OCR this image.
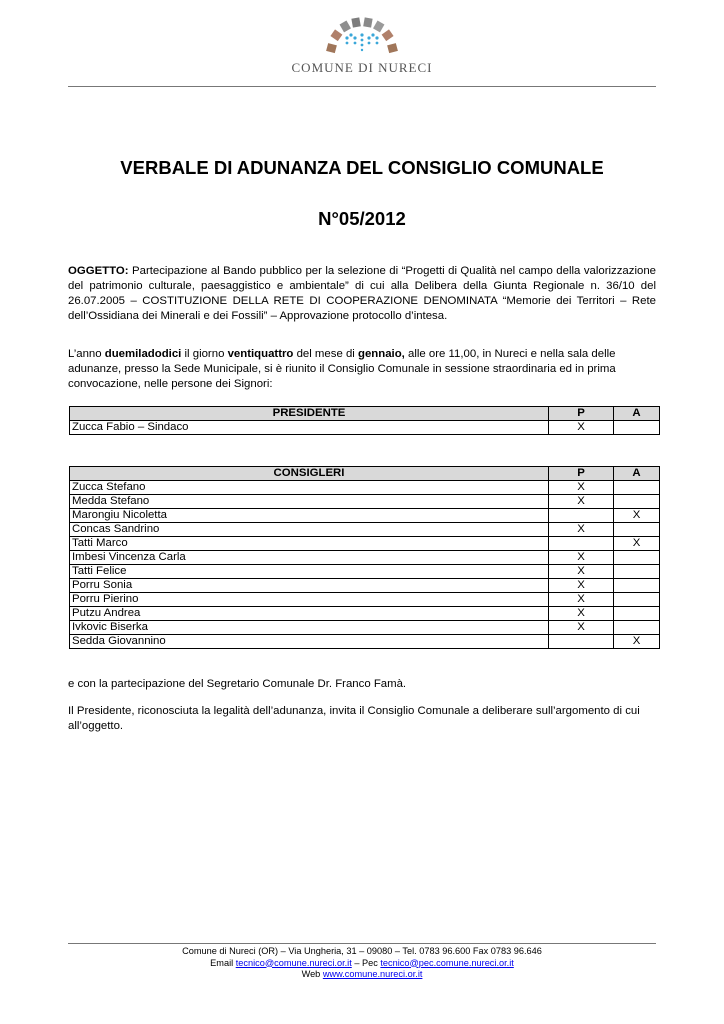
COMUNE DI NURECI
VERBALE DI ADUNANZA DEL CONSIGLIO COMUNALE
N°05/2012
OGGETTO: Partecipazione al Bando pubblico per la selezione di “Progetti di Qualità nel campo della valorizzazione del patrimonio culturale, paesaggistico e ambientale” di cui alla Delibera della Giunta Regionale n. 36/10 del 26.07.2005 – COSTITUZIONE DELLA RETE DI COOPERAZIONE DENOMINATA “Memorie dei Territori – Rete dell’Ossidiana dei Minerali e dei Fossili” – Approvazione protocollo d’intesa.
L’anno duemiladodici il giorno ventiquattro del mese di gennaio, alle ore 11,00, in Nureci e nella sala delle adunanze, presso la Sede Municipale, si è riunito il Consiglio Comunale in sessione straordinaria ed in prima convocazione, nelle persone dei Signori:
PRESIDENTE	P	A
Zucca Fabio – Sindaco	X	
CONSIGLERI	P	A
Zucca Stefano	X	
Medda Stefano	X	
Marongiu Nicoletta		X
Concas Sandrino	X	
Tatti Marco		X
Imbesi Vincenza Carla	X	
Tatti Felice	X	
Porru Sonia	X	
Porru Pierino	X	
Putzu Andrea	X	
Ivkovic Biserka	X	
Sedda Giovannino		X
e con la partecipazione del Segretario Comunale Dr. Franco Famà.
Il Presidente, riconosciuta la legalità dell’adunanza, invita il Consiglio Comunale a deliberare sull’argomento di cui all’oggetto.
Comune di Nureci (OR) – Via Ungheria, 31 – 09080 – Tel. 0783 96.600 Fax 0783 96.646
Email tecnico@comune.nureci.or.it – Pec tecnico@pec.comune.nureci.or.it
Web www.comune.nureci.or.it
